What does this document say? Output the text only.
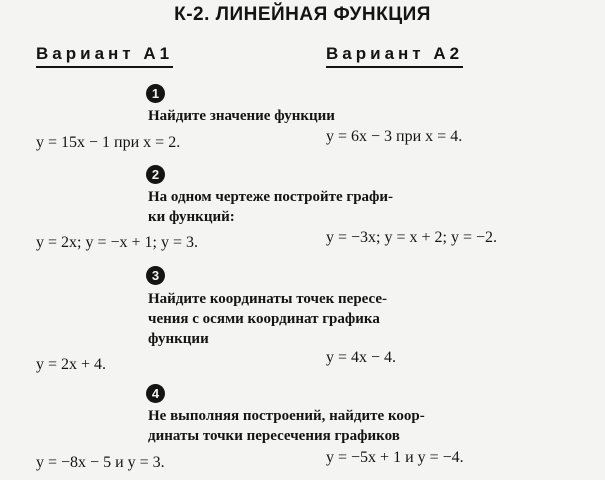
К-2. ЛИНЕЙНАЯ ФУНКЦИЯ
Вариант А1	Вариант А2
1
Найдите значение функции
y = 15x − 1 при x = 2.	y = 6x − 3 при x = 4.
2
На одном чертеже постройте графи-
ки функций:
y = 2x; y = −x + 1; y = 3.	y = −3x; y = x + 2; y = −2.
3
Найдите координаты точек пересе-
чения с осями координат графика
функции
y = 2x + 4.	y = 4x − 4.
4
Не выполняя построений, найдите коор-
динаты точки пересечения графиков
y = −8x − 5 и y = 3.	y = −5x + 1 и y = −4.
